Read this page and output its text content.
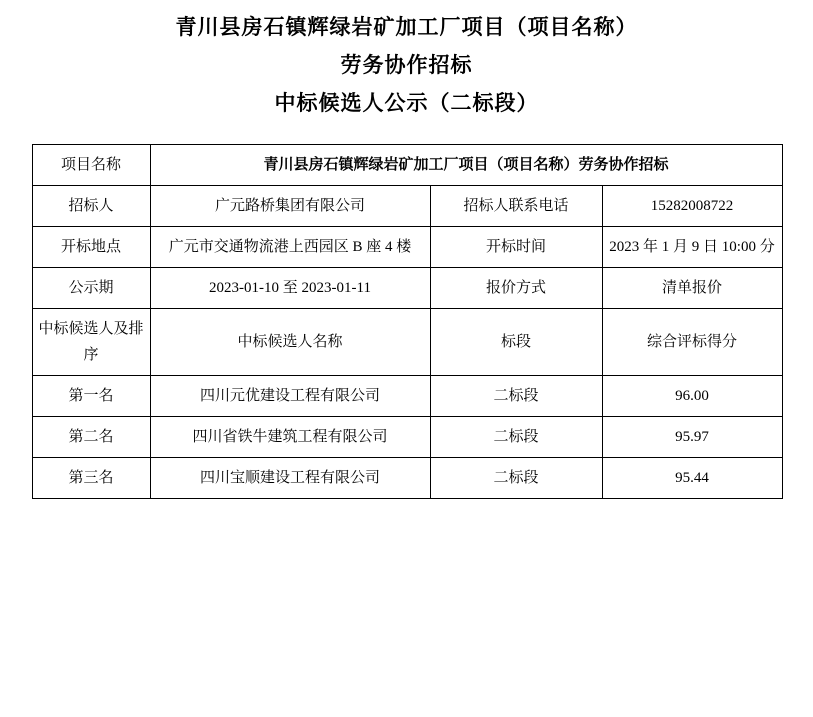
青川县房石镇辉绿岩矿加工厂项目（项目名称）
劳务协作招标
中标候选人公示（二标段）
项目名称	青川县房石镇辉绿岩矿加工厂项目（项目名称）劳务协作招标		
招标人	广元路桥集团有限公司	招标人联系电话	15282008722
开标地点	广元市交通物流港上西园区 B 座 4 楼	开标时间	2023 年 1 月 9 日 10:00 分
公示期	2023-01-10 至 2023-01-11	报价方式	清单报价
中标候选人及排序	中标候选人名称	标段	综合评标得分
第一名	四川元优建设工程有限公司	二标段	96.00
第二名	四川省铁牛建筑工程有限公司	二标段	95.97
第三名	四川宝顺建设工程有限公司	二标段	95.44
